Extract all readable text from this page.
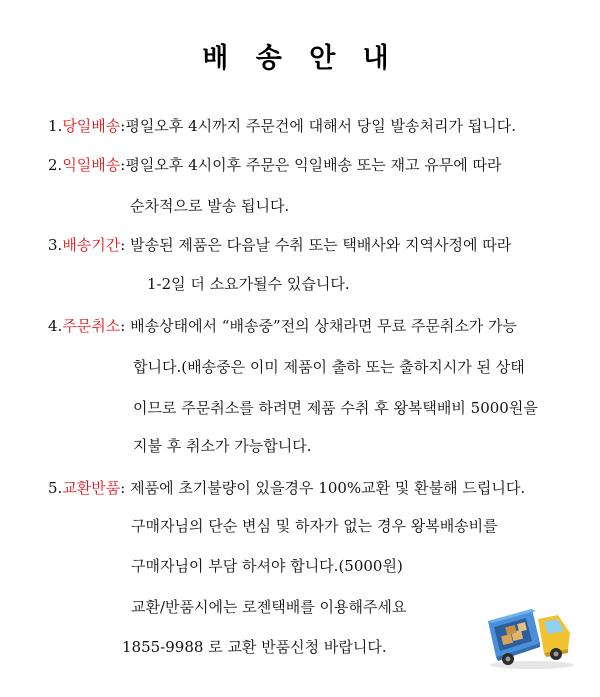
배 송 안 내
1.당일배송:평일오후 4시까지 주문건에 대해서 당일 발송처리가 됩니다.
2.익일배송:평일오후 4시이후 주문은 익일배송 또는 재고 유무에 따라
순차적으로 발송 됩니다.
3.배송기간: 발송된 제품은 다음날 수취 또는 택배사와 지역사정에 따라
1-2일 더 소요가될수 있습니다.
4.주문취소: 배송상태에서 “배송중”전의 상채라면 무료 주문취소가 가능
합니다.(배송중은 이미 제품이 출하 또는 출하지시가 된 상태
이므로 주문취소를 하려면 제품 수취 후 왕복택배비 5000원을
지불 후 취소가 가능합니다.
5.교환반품: 제품에 초기불량이 있을경우 100%교환 및 환불해 드립니다.
구매자님의 단순 변심 및 하자가 없는 경우 왕복배송비를
구매자님이 부담 하셔야 합니다.(5000원)
교환/반품시에는 로젠택배를 이용해주세요
1855-9988 로 교환 반품신청 바랍니다.
